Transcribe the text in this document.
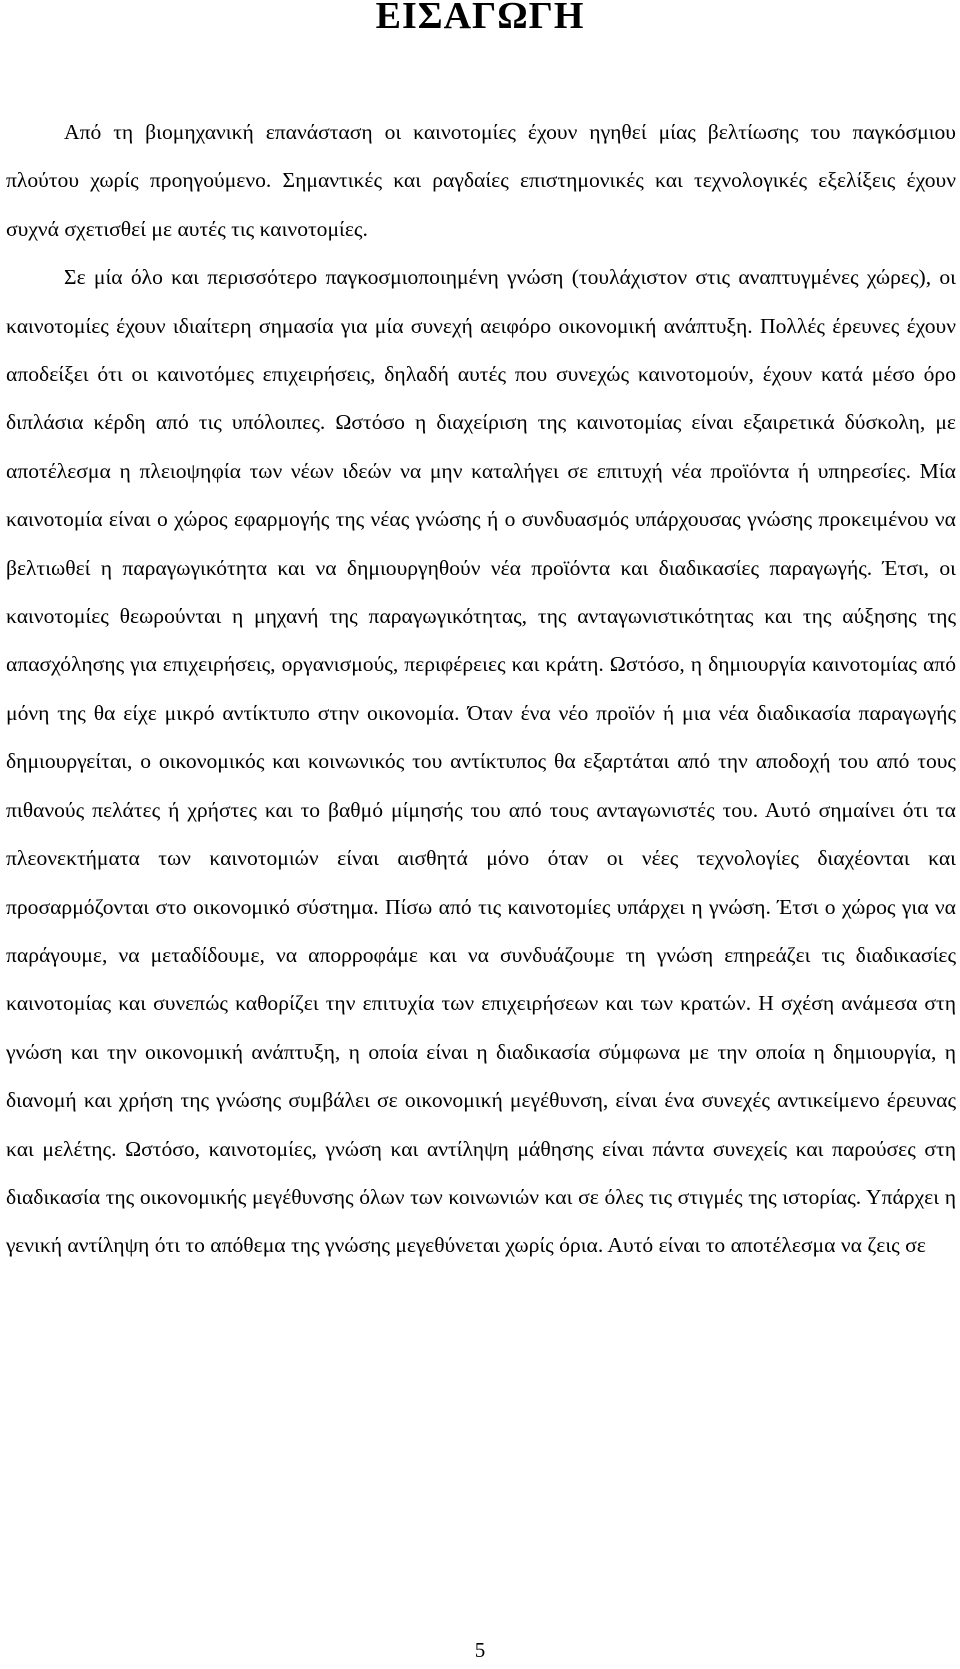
ΕΙΣΑΓΩΓΗ

Από τη βιομηχανική επανάσταση οι καινοτομίες έχουν ηγηθεί μίας βελτίωσης του παγκόσμιου πλούτου χωρίς προηγούμενο. Σημαντικές και ραγδαίες επιστημονικές και τεχνολογικές εξελίξεις έχουν συχνά σχετισθεί με αυτές τις καινοτομίες.

Σε μία όλο και περισσότερο παγκοσμιοποιημένη γνώση (τουλάχιστον στις αναπτυγμένες χώρες), οι καινοτομίες έχουν ιδιαίτερη σημασία για μία συνεχή αειφόρο οικονομική ανάπτυξη. Πολλές έρευνες έχουν αποδείξει ότι οι καινοτόμες επιχειρήσεις, δηλαδή αυτές που συνεχώς καινοτομούν, έχουν κατά μέσο όρο διπλάσια κέρδη από τις υπόλοιπες. Ωστόσο η διαχείριση της καινοτομίας είναι εξαιρετικά δύσκολη, με αποτέλεσμα η πλειοψηφία των νέων ιδεών να μην καταλήγει σε επιτυχή νέα προϊόντα ή υπηρεσίες. Μία καινοτομία είναι ο χώρος εφαρμογής της νέας γνώσης ή ο συνδυασμός υπάρχουσας γνώσης προκειμένου να βελτιωθεί η παραγωγικότητα και να δημιουργηθούν νέα προϊόντα και διαδικασίες παραγωγής. Έτσι, οι καινοτομίες θεωρούνται η μηχανή της παραγωγικότητας, της ανταγωνιστικότητας και της αύξησης της απασχόλησης για επιχειρήσεις, οργανισμούς, περιφέρειες και κράτη. Ωστόσο, η δημιουργία καινοτομίας από μόνη της θα είχε μικρό αντίκτυπο στην οικονομία. Όταν ένα νέο προϊόν ή μια νέα διαδικασία παραγωγής δημιουργείται, ο οικονομικός και κοινωνικός του αντίκτυπος θα εξαρτάται από την αποδοχή του από τους πιθανούς πελάτες ή χρήστες και το βαθμό μίμησής του από τους ανταγωνιστές του. Αυτό σημαίνει ότι τα πλεονεκτήματα των καινοτομιών είναι αισθητά μόνο όταν οι νέες τεχνολογίες διαχέονται και προσαρμόζονται στο οικονομικό σύστημα. Πίσω από τις καινοτομίες υπάρχει η γνώση. Έτσι ο χώρος για να παράγουμε, να μεταδίδουμε, να απορροφάμε και να συνδυάζουμε τη γνώση επηρεάζει τις διαδικασίες καινοτομίας και συνεπώς καθορίζει την επιτυχία των επιχειρήσεων και των κρατών. Η σχέση ανάμεσα στη γνώση και την οικονομική ανάπτυξη, η οποία είναι η διαδικασία σύμφωνα με την οποία η δημιουργία, η διανομή και χρήση της γνώσης συμβάλει σε οικονομική μεγέθυνση, είναι ένα συνεχές αντικείμενο έρευνας και μελέτης. Ωστόσο, καινοτομίες, γνώση και αντίληψη μάθησης είναι πάντα συνεχείς και παρούσες στη διαδικασία της οικονομικής μεγέθυνσης όλων των κοινωνιών και σε όλες τις στιγμές της ιστορίας. Υπάρχει η γενική αντίληψη ότι το απόθεμα της γνώσης μεγεθύνεται χωρίς όρια. Αυτό είναι το αποτέλεσμα να ζεις σε

5
